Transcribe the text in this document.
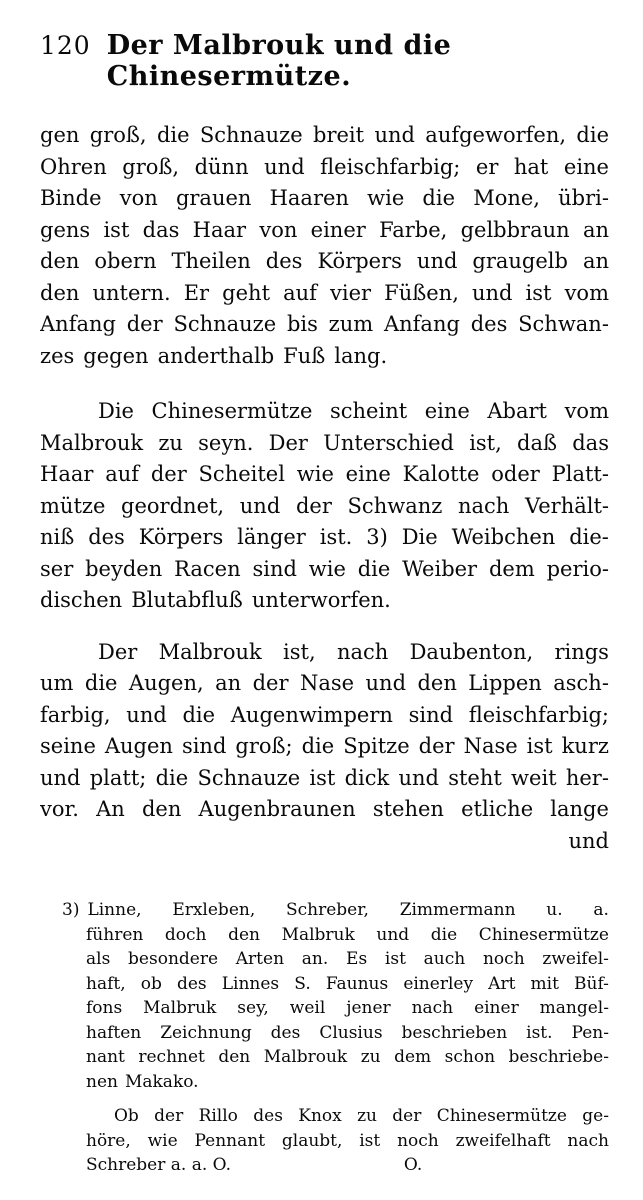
120 Der Malbrouk und die Chinesermütze.
gen groß, die Schnauze breit und aufgeworfen, die
Ohren groß, dünn und fleischfarbig; er hat eine
Binde von grauen Haaren wie die Mone, übri-
gens ist das Haar von einer Farbe, gelbbraun an
den obern Theilen des Körpers und graugelb an
den untern. Er geht auf vier Füßen, und ist vom
Anfang der Schnauze bis zum Anfang des Schwan-
zes gegen anderthalb Fuß lang.
Die Chinesermütze scheint eine Abart vom
Malbrouk zu seyn. Der Unterschied ist, daß das
Haar auf der Scheitel wie eine Kalotte oder Platt-
mütze geordnet, und der Schwanz nach Verhält-
niß des Körpers länger ist. 3) Die Weibchen die-
ser beyden Racen sind wie die Weiber dem perio-
dischen Blutabfluß unterworfen.
Der Malbrouk ist, nach Daubenton, rings
um die Augen, an der Nase und den Lippen asch-
farbig, und die Augenwimpern sind fleischfarbig;
seine Augen sind groß; die Spitze der Nase ist kurz
und platt; die Schnauze ist dick und steht weit her-
vor. An den Augenbraunen stehen etliche lange
und
3) Linne, Erxleben, Schreber, Zimmermann u. a.
führen doch den Malbruk und die Chinesermütze
als besondere Arten an. Es ist auch noch zweifel-
haft, ob des Linnes S. Faunus einerley Art mit Büf-
fons Malbruk sey, weil jener nach einer mangel-
haften Zeichnung des Clusius beschrieben ist. Pen-
nant rechnet den Malbrouk zu dem schon beschriebe-
nen Makako.
Ob der Rillo des Knox zu der Chinesermütze ge-
höre, wie Pennant glaubt, ist noch zweifelhaft nach
Schreber a. a. O.                                O.
